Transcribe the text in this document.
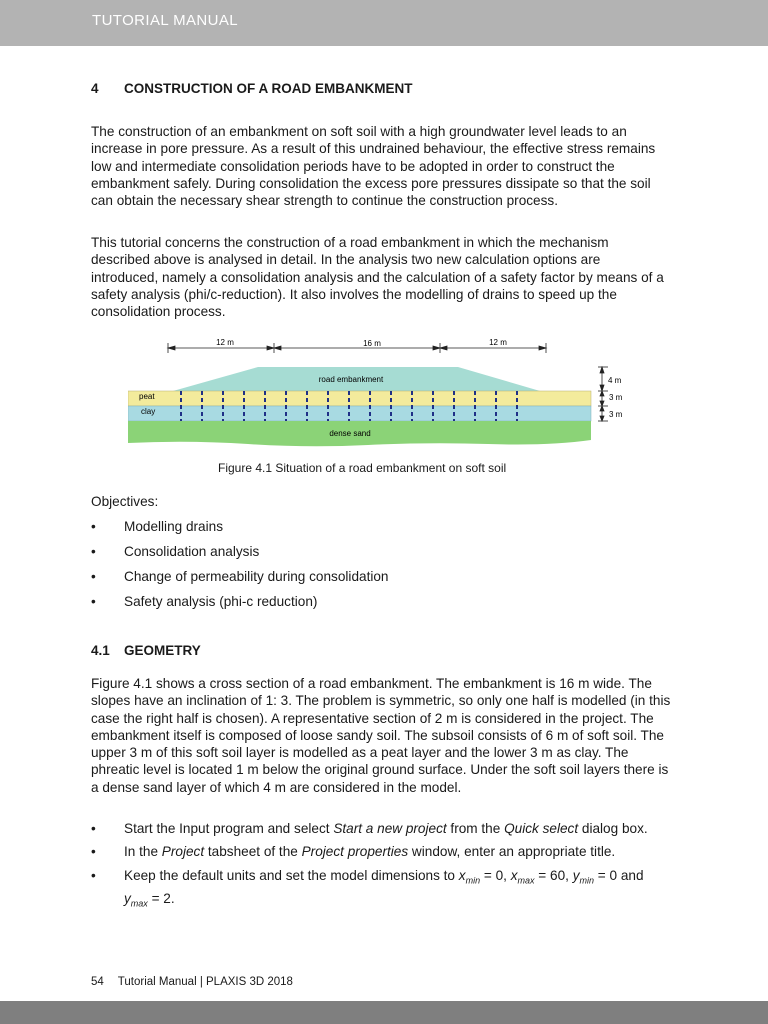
TUTORIAL MANUAL
4 CONSTRUCTION OF A ROAD EMBANKMENT

The construction of an embankment on soft soil with a high groundwater level leads to an increase in pore pressure. As a result of this undrained behaviour, the effective stress remains low and intermediate consolidation periods have to be adopted in order to construct the embankment safely. During consolidation the excess pore pressures dissipate so that the soil can obtain the necessary shear strength to continue the construction process.

This tutorial concerns the construction of a road embankment in which the mechanism described above is analysed in detail. In the analysis two new calculation options are introduced, namely a consolidation analysis and the calculation of a safety factor by means of a safety analysis (phi/c-reduction). It also involves the modelling of drains to speed up the consolidation process.

12 m	16 m	12 m
road embankment
peat
clay
dense sand
4 m
3 m
3 m
Figure 4.1 Situation of a road embankment on soft soil
Objectives:
• Modelling drains
• Consolidation analysis
• Change of permeability during consolidation
• Safety analysis (phi-c reduction)
4.1 GEOMETRY

Figure 4.1 shows a cross section of a road embankment. The embankment is 16 m wide. The slopes have an inclination of 1: 3. The problem is symmetric, so only one half is modelled (in this case the right half is chosen). A representative section of 2 m is considered in the project. The embankment itself is composed of loose sandy soil. The subsoil consists of 6 m of soft soil. The upper 3 m of this soft soil layer is modelled as a peat layer and the lower 3 m as clay. The phreatic level is located 1 m below the original ground surface. Under the soft soil layers there is a dense sand layer of which 4 m are considered in the model.

• Start the Input program and select Start a new project from the Quick select dialog box.
• In the Project tabsheet of the Project properties window, enter an appropriate title.
• Keep the default units and set the model dimensions to $x_{min} = 0$, $x_{max} = 60$, $y_{min} = 0$ and $y_{max} = 2$.
54 Tutorial Manual | PLAXIS 3D 2018
